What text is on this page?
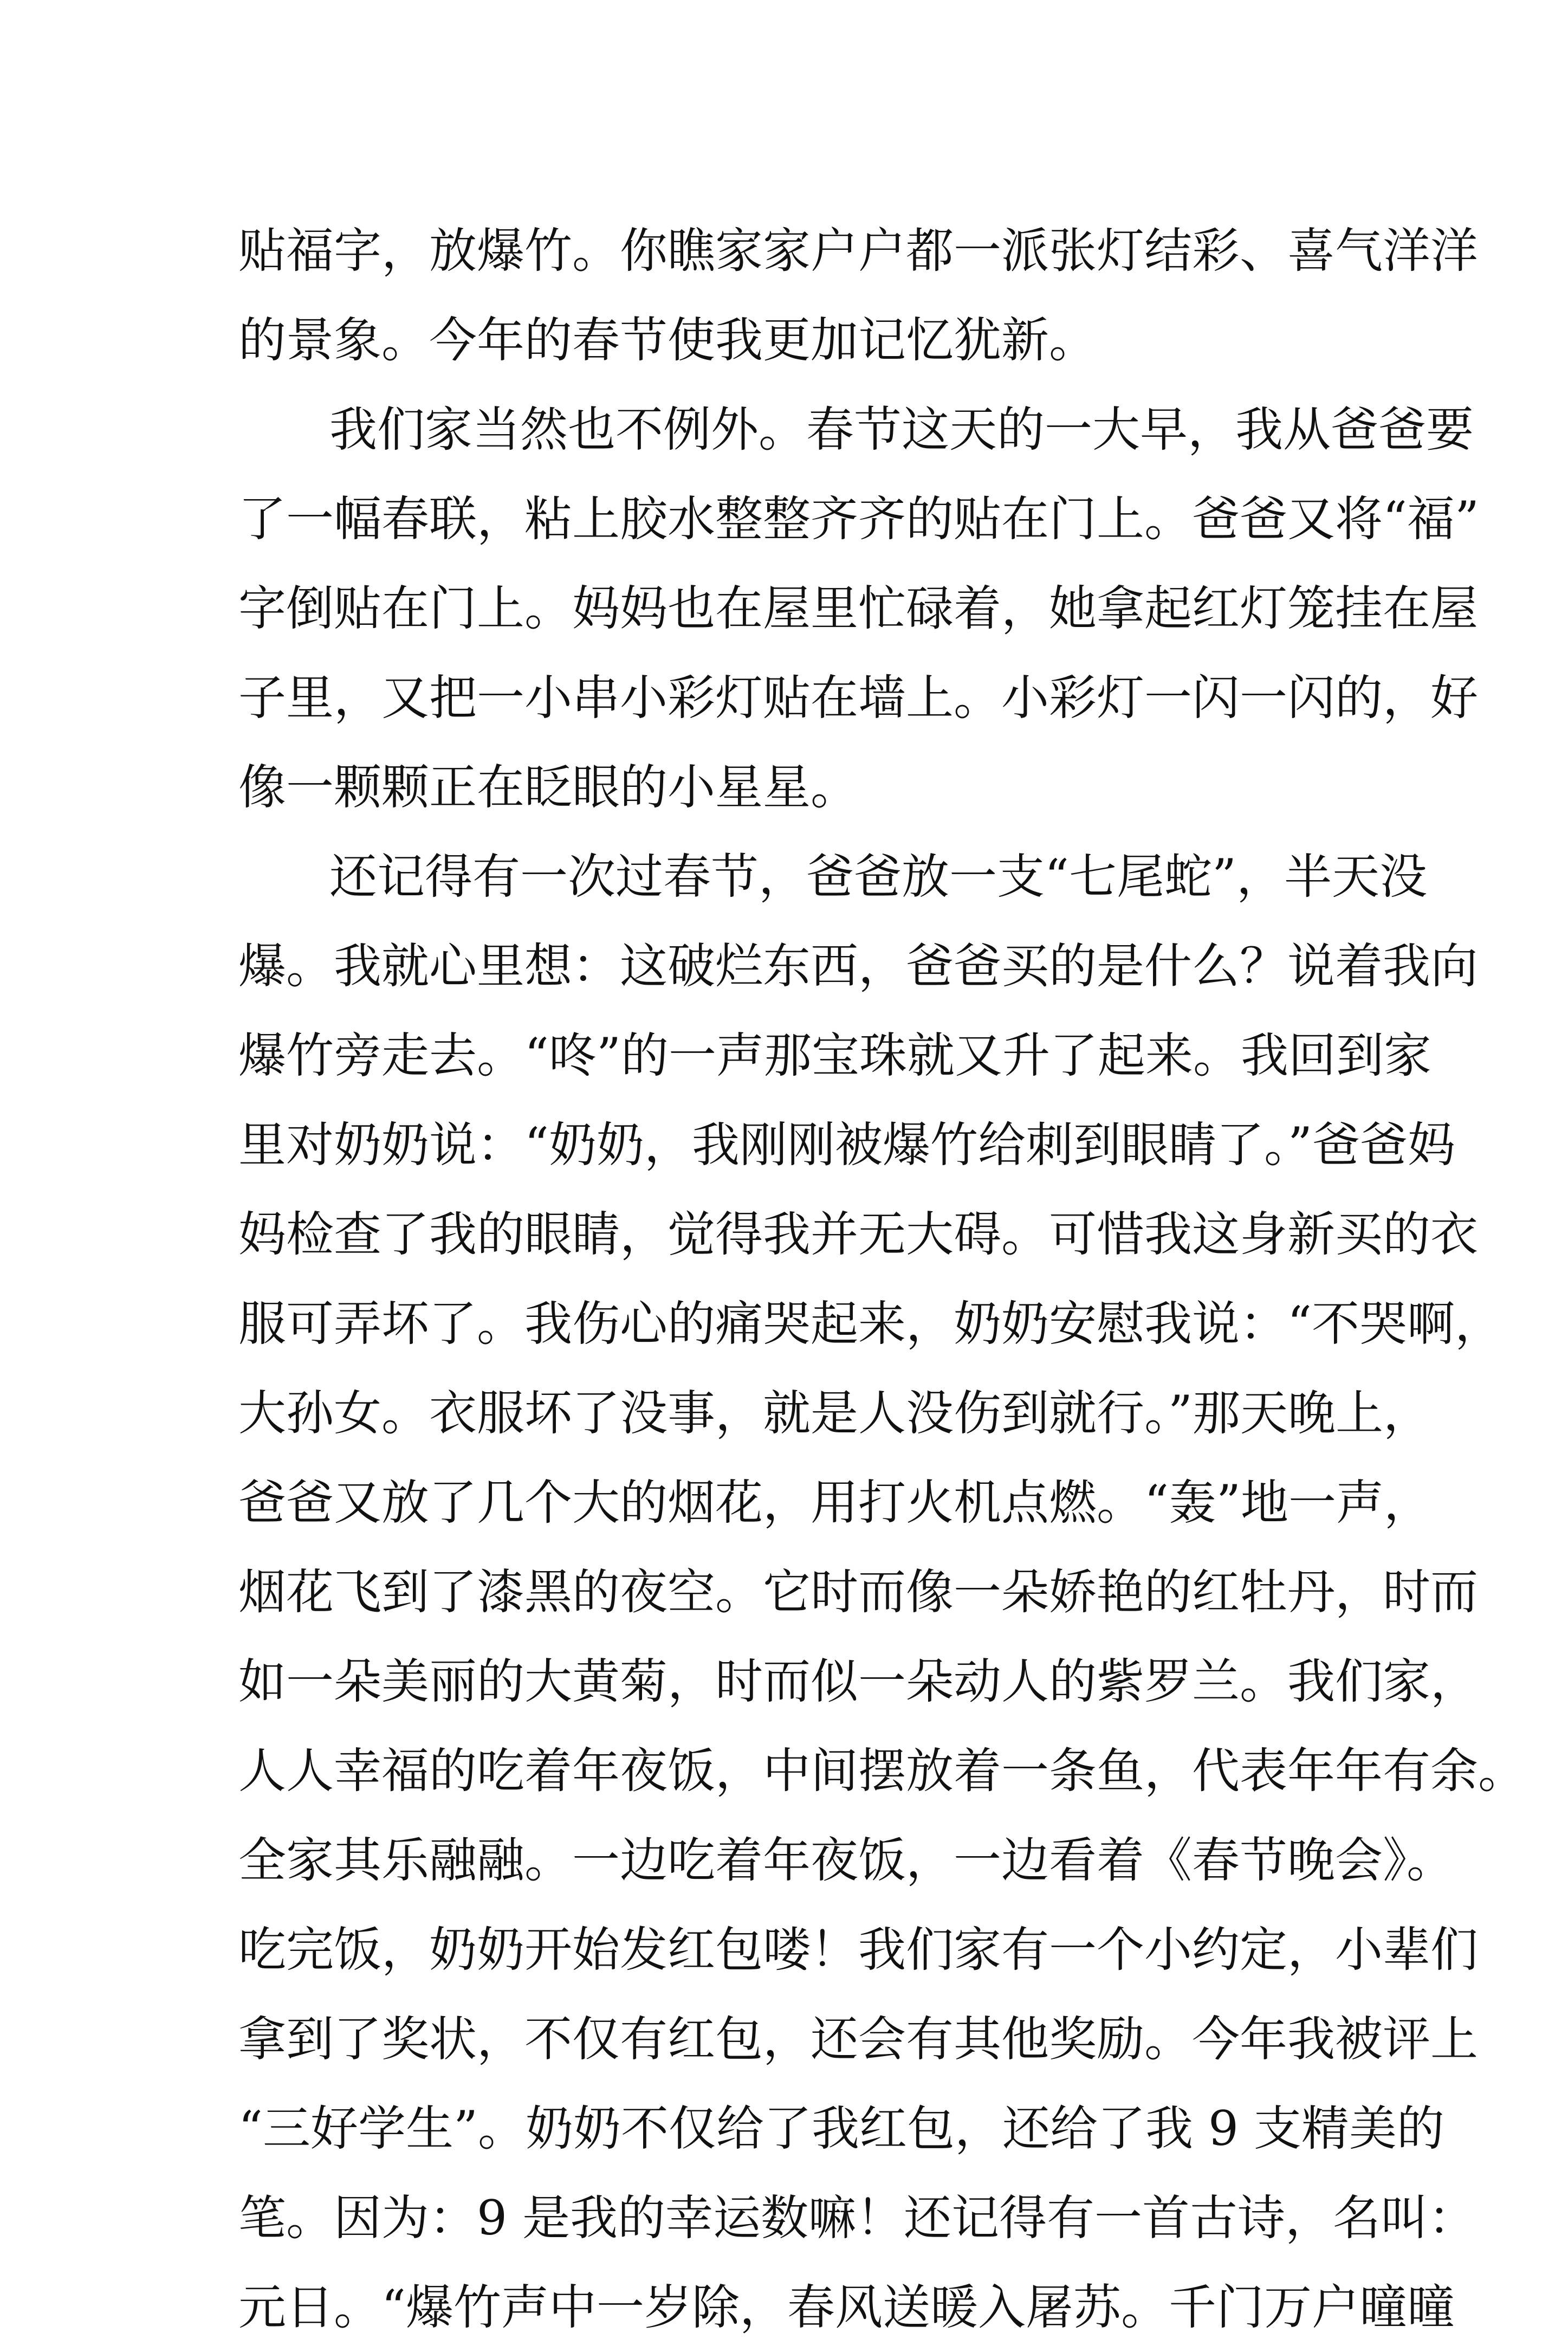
贴福字，放爆竹。你瞧家家户户都一派张灯结彩、喜气洋洋
的景象。今年的春节使我更加记忆犹新。
我们家当然也不例外。春节这天的一大早，我从爸爸要
了一幅春联，粘上胶水整整齐齐的贴在门上。爸爸又将“福”
字倒贴在门上。妈妈也在屋里忙碌着，她拿起红灯笼挂在屋
子里，又把一小串小彩灯贴在墙上。小彩灯一闪一闪的，好
像一颗颗正在眨眼的小星星。
还记得有一次过春节，爸爸放一支“七尾蛇”，半天没
爆。我就心里想：这破烂东西，爸爸买的是什么？说着我向
爆竹旁走去。“咚”的一声那宝珠就又升了起来。我回到家
里对奶奶说：“奶奶，我刚刚被爆竹给刺到眼睛了。”爸爸妈
妈检查了我的眼睛，觉得我并无大碍。可惜我这身新买的衣
服可弄坏了。我伤心的痛哭起来，奶奶安慰我说：“不哭啊，
大孙女。衣服坏了没事，就是人没伤到就行。”那天晚上，
爸爸又放了几个大的烟花，用打火机点燃。“轰”地一声，
烟花飞到了漆黑的夜空。它时而像一朵娇艳的红牡丹，时而
如一朵美丽的大黄菊，时而似一朵动人的紫罗兰。我们家，
人人幸福的吃着年夜饭，中间摆放着一条鱼，代表年年有余。
全家其乐融融。一边吃着年夜饭，一边看着《春节晚会》。
吃完饭，奶奶开始发红包喽！我们家有一个小约定，小辈们
拿到了奖状，不仅有红包，还会有其他奖励。今年我被评上
“三好学生”。奶奶不仅给了我红包，还给了我 9 支精美的
笔。因为：9 是我的幸运数嘛！还记得有一首古诗，名叫：
元日。“爆竹声中一岁除，春风送暖入屠苏。千门万户曈曈
